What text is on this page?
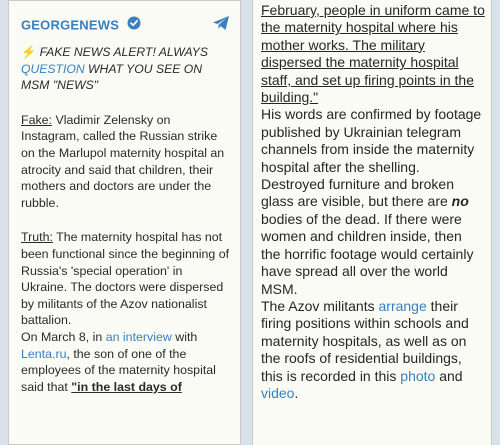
GEORGENEWS

⚡ FAKE NEWS ALERT! ALWAYS QUESTION WHAT YOU SEE ON MSM "NEWS"

Fake: Vladimir Zelensky on Instagram, called the Russian strike on the Marlupol maternity hospital an atrocity and said that children, their mothers and doctors are under the rubble.

Truth: The maternity hospital has not been functional since the beginning of Russia's 'special operation' in Ukraine. The doctors were dispersed by militants of the Azov nationalist battalion.

On March 8, in an interview with Lenta.ru, the son of one of the employees of the maternity hospital said that "in the last days of

February, people in uniform came to the maternity hospital where his mother works. The military dispersed the maternity hospital staff, and set up firing points in the building."

His words are confirmed by footage published by Ukrainian telegram channels from inside the maternity hospital after the shelling.

Destroyed furniture and broken glass are visible, but there are no bodies of the dead. If there were women and children inside, then the horrific footage would certainly have spread all over the world MSM.

The Azov militants arrange their firing positions within schools and maternity hospitals, as well as on the roofs of residential buildings, this is recorded in this photo and video.
